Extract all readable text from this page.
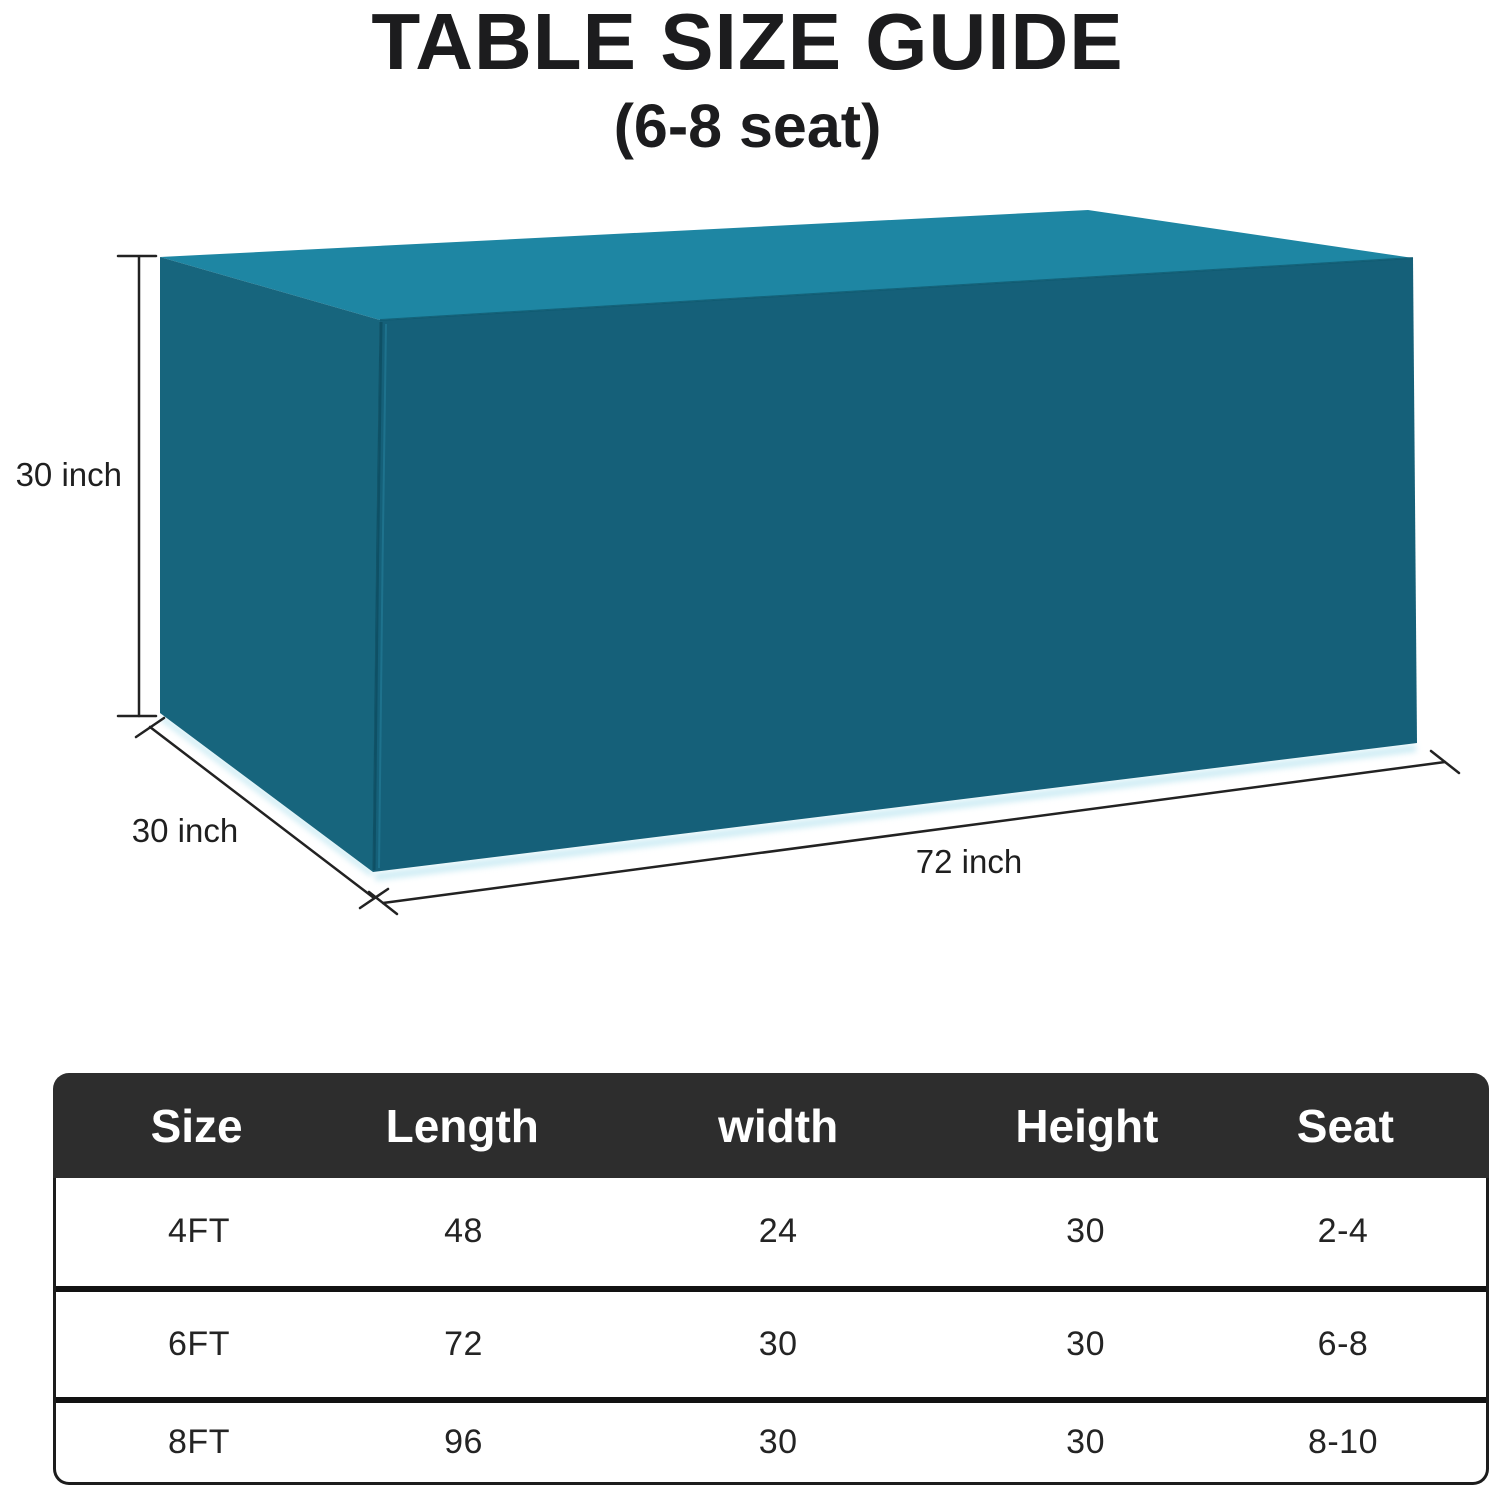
TABLE SIZE GUIDE
(6-8 seat)
30 inch
30 inch
72 inch
Size	Length	width	Height	Seat
4FT	48	24	30	2-4
6FT	72	30	30	6-8
8FT	96	30	30	8-10
